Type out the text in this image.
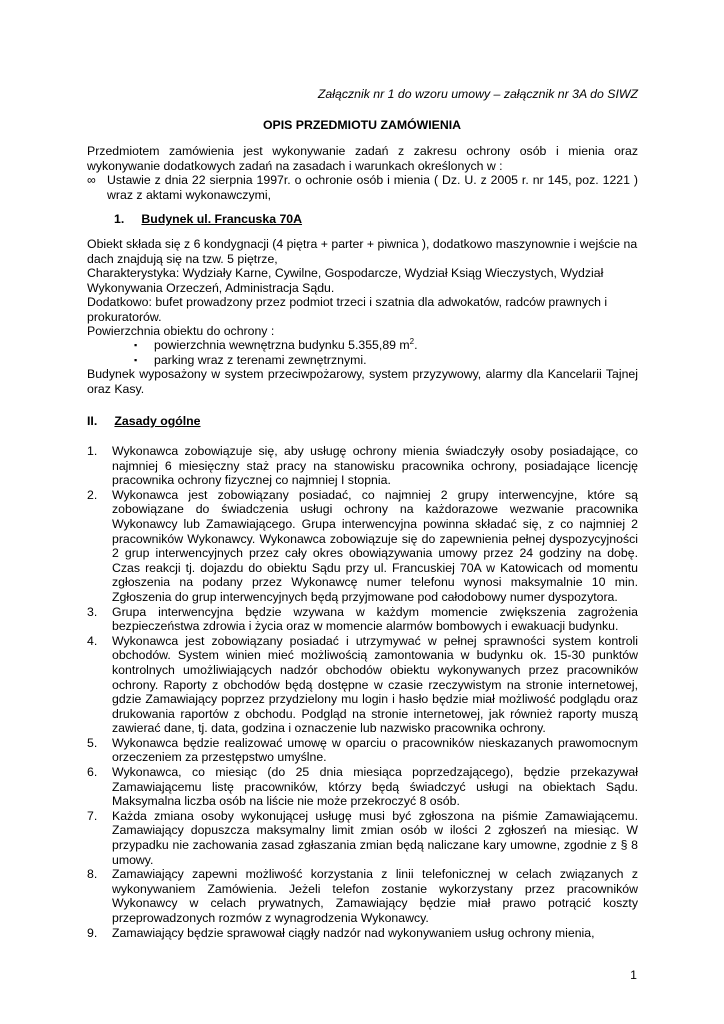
Załącznik nr 1 do wzoru umowy – załącznik nr 3A do SIWZ
OPIS PRZEDMIOTU ZAMÓWIENIA
Przedmiotem zamówienia jest wykonywanie zadań z zakresu ochrony osób i mienia oraz wykonywanie dodatkowych zadań na zasadach i warunkach określonych w :
∞ Ustawie z dnia 22 sierpnia 1997r. o ochronie osób i mienia ( Dz. U. z 2005 r. nr 145, poz. 1221 ) wraz z aktami wykonawczymi,
1. Budynek ul. Francuska 70A
Obiekt składa się z 6 kondygnacji (4 piętra + parter + piwnica ), dodatkowo maszynownie i wejście na dach znajdują się na tzw. 5 piętrze,
Charakterystyka: Wydziały Karne, Cywilne, Gospodarcze, Wydział Ksiąg Wieczystych, Wydział Wykonywania Orzeczeń, Administracja Sądu.
Dodatkowo: bufet prowadzony przez podmiot trzeci i szatnia dla adwokatów, radców prawnych i prokuratorów.
Powierzchnia obiektu do ochrony :
▪ powierzchnia wewnętrzna budynku 5.355,89 $m^2$.
▪ parking wraz z terenami zewnętrznymi.
Budynek wyposażony w system przeciwpożarowy, system przyzywowy, alarmy dla Kancelarii Tajnej oraz Kasy.
II. Zasady ogólne
1.	Wykonawca zobowiązuje się, aby usługę ochrony mienia świadczyły osoby posiadające, co najmniej 6 miesięczny staż pracy na stanowisku pracownika ochrony, posiadające licencję pracownika ochrony fizycznej co najmniej I stopnia.
2.	Wykonawca jest zobowiązany posiadać, co najmniej 2 grupy interwencyjne, które są zobowiązane do świadczenia usługi ochrony na każdorazowe wezwanie pracownika Wykonawcy lub Zamawiającego. Grupa interwencyjna powinna składać się, z co najmniej 2 pracowników Wykonawcy. Wykonawca zobowiązuje się do zapewnienia pełnej dyspozycyjności 2 grup interwencyjnych przez cały okres obowiązywania umowy przez 24 godziny na dobę. Czas reakcji tj. dojazdu do obiektu Sądu przy ul. Francuskiej 70A w Katowicach od momentu zgłoszenia na podany przez Wykonawcę numer telefonu wynosi maksymalnie 10 min. Zgłoszenia do grup interwencyjnych będą przyjmowane pod całodobowy numer dyspozytora.
3.	Grupa interwencyjna będzie wzywana w każdym momencie zwiększenia zagrożenia bezpieczeństwa zdrowia i życia oraz w momencie alarmów bombowych i ewakuacji budynku.
4.	Wykonawca jest zobowiązany posiadać i utrzymywać w pełnej sprawności system kontroli obchodów. System winien mieć możliwością zamontowania w budynku ok. 15-30 punktów kontrolnych umożliwiających nadzór obchodów obiektu wykonywanych przez pracowników ochrony. Raporty z obchodów będą dostępne w czasie rzeczywistym na stronie internetowej, gdzie Zamawiający poprzez przydzielony mu login i hasło będzie miał możliwość podglądu oraz drukowania raportów z obchodu. Podgląd na stronie internetowej, jak również raporty muszą zawierać dane, tj. data, godzina i oznaczenie lub nazwisko pracownika ochrony.
5.	Wykonawca będzie realizować umowę w oparciu o pracowników nieskazanych prawomocnym orzeczeniem za przestępstwo umyślne.
6.	Wykonawca, co miesiąc (do 25 dnia miesiąca poprzedzającego), będzie przekazywał Zamawiającemu listę pracowników, którzy będą świadczyć usługi na obiektach Sądu. Maksymalna liczba osób na liście nie może przekroczyć 8 osób.
7.	Każda zmiana osoby wykonującej usługę musi być zgłoszona na piśmie Zamawiającemu. Zamawiający dopuszcza maksymalny limit zmian osób w ilości 2 zgłoszeń na miesiąc. W przypadku nie zachowania zasad zgłaszania zmian będą naliczane kary umowne, zgodnie z § 8 umowy.
8.	Zamawiający zapewni możliwość korzystania z linii telefonicznej w celach związanych z wykonywaniem Zamówienia. Jeżeli telefon zostanie wykorzystany przez pracowników Wykonawcy w celach prywatnych, Zamawiający będzie miał prawo potrącić koszty przeprowadzonych rozmów z wynagrodzenia Wykonawcy.
9.	Zamawiający będzie sprawował ciągły nadzór nad wykonywaniem usług ochrony mienia,
1
